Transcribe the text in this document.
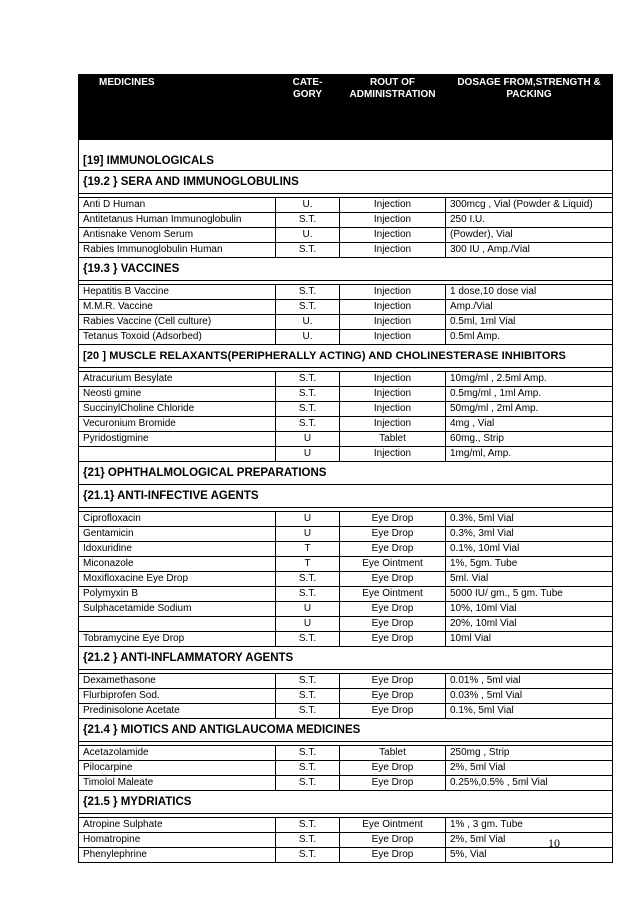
MEDICINES	CATE- GORY	ROUT OF ADMINISTRATION	DOSAGE FROM,STRENGTH & PACKING
[19] IMMUNOLOGICALS			
{19.2 } SERA AND IMMUNOGLOBULINS			

Anti D Human	U.	Injection	300mcg , Vial (Powder & Liquid)
Antitetanus Human Immunoglobulin	S.T.	Injection	250 I.U.
Antisnake Venom Serum	U.	Injection	(Powder), Vial
Rabies Immunoglobulin Human	S.T.	Injection	300 IU , Amp./Vial
{19.3 } VACCINES			

Hepatitis B Vaccine	S.T.	Injection	1 dose,10 dose vial
M.M.R. Vaccine	S.T.	Injection	Amp./Vial
Rabies Vaccine (Cell culture)	U.	Injection	0.5ml, 1ml Vial
Tetanus Toxoid (Adsorbed)	U.	Injection	0.5ml Amp.
[20 ] MUSCLE RELAXANTS(PERIPHERALLY ACTING) AND CHOLINESTERASE INHIBITORS			

Atracurium Besylate	S.T.	Injection	10mg/ml , 2.5ml Amp.
Neosti gmine	S.T.	Injection	0.5mg/ml , 1ml Amp.
SuccinylCholine Chloride	S.T.	Injection	50mg/ml , 2ml Amp.
Vecuronium Bromide	S.T.	Injection	4mg , Vial
Pyridostigmine	U	Tablet	60mg., Strip
	U	Injection	1mg/ml, Amp.
{21} OPHTHALMOLOGICAL PREPARATIONS			
{21.1} ANTI-INFECTIVE AGENTS			

Ciprofloxacin	U	Eye Drop	0.3%, 5ml Vial
Gentamicin	U	Eye Drop	0.3%, 3ml Vial
Idoxuridine	T	Eye Drop	0.1%, 10ml Vial
Miconazole	T	Eye Ointment	1%, 5gm. Tube
Moxifloxacine Eye Drop	S.T.	Eye Drop	5ml. Vial
Polymyxin B	S.T.	Eye Ointment	5000 IU/ gm., 5 gm. Tube
Sulphacetamide Sodium	U	Eye Drop	10%, 10ml Vial
	U	Eye Drop	20%, 10ml Vial
Tobramycine Eye Drop	S.T.	Eye Drop	10ml Vial
{21.2 } ANTI-INFLAMMATORY AGENTS			

Dexamethasone	S.T.	Eye Drop	0.01% , 5ml vial
Flurbiprofen Sod.	S.T.	Eye Drop	0.03% , 5ml Vial
Predinisolone Acetate	S.T.	Eye Drop	0.1%, 5ml Vial
{21.4 } MIOTICS AND ANTIGLAUCOMA MEDICINES			

Acetazolamide	S.T.	Tablet	250mg , Strip
Pilocarpine	S.T.	Eye Drop	2%, 5ml Vial
Timolol Maleate	S.T.	Eye Drop	0.25%,0.5% , 5ml Vial
{21.5 } MYDRIATICS			

Atropine Sulphate	S.T.	Eye Ointment	1% , 3 gm. Tube
Homatropine	S.T.	Eye Drop	2%, 5ml Vial
Phenylephrine	S.T.	Eye Drop	5%, Vial
10
